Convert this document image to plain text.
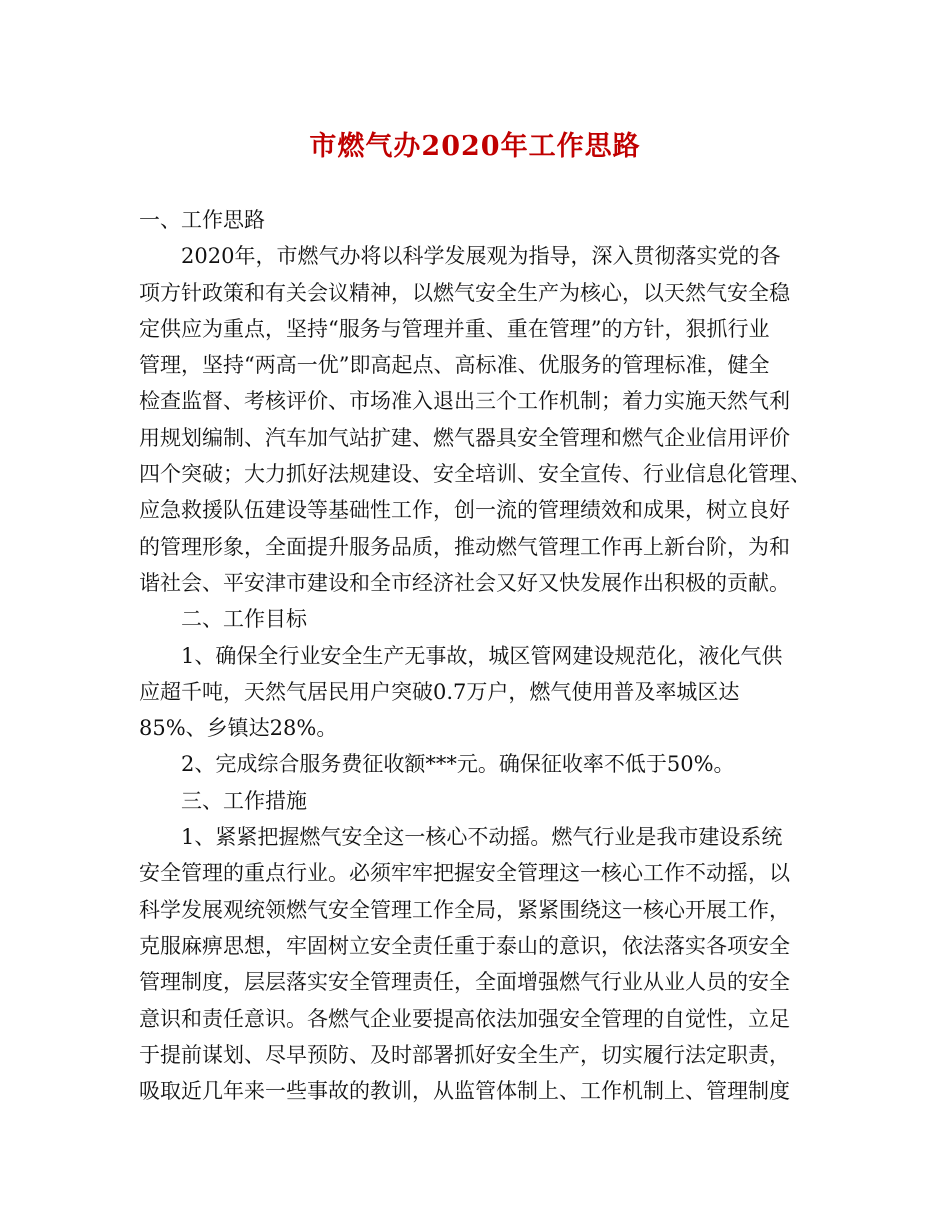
市燃气办2020年工作思路
一、工作思路
2020年，市燃气办将以科学发展观为指导，深入贯彻落实党的各
项方针政策和有关会议精神，以燃气安全生产为核心，以天然气安全稳
定供应为重点，坚持“服务与管理并重、重在管理”的方针，狠抓行业
管理，坚持“两高一优”即高起点、高标准、优服务的管理标准，健全
检查监督、考核评价、市场准入退出三个工作机制；着力实施天然气利
用规划编制、汽车加气站扩建、燃气器具安全管理和燃气企业信用评价
四个突破；大力抓好法规建设、安全培训、安全宣传、行业信息化管理、
应急救援队伍建设等基础性工作，创一流的管理绩效和成果，树立良好
的管理形象，全面提升服务品质，推动燃气管理工作再上新台阶，为和
谐社会、平安津市建设和全市经济社会又好又快发展作出积极的贡献。
二、工作目标
1、确保全行业安全生产无事故，城区管网建设规范化，液化气供
应超千吨，天然气居民用户突破0.7万户，燃气使用普及率城区达
85%、乡镇达28%。
2、完成综合服务费征收额***元。确保征收率不低于50%。
三、工作措施
1、紧紧把握燃气安全这一核心不动摇。燃气行业是我市建设系统
安全管理的重点行业。必须牢牢把握安全管理这一核心工作不动摇，以
科学发展观统领燃气安全管理工作全局，紧紧围绕这一核心开展工作，
克服麻痹思想，牢固树立安全责任重于泰山的意识，依法落实各项安全
管理制度，层层落实安全管理责任，全面增强燃气行业从业人员的安全
意识和责任意识。各燃气企业要提高依法加强安全管理的自觉性，立足
于提前谋划、尽早预防、及时部署抓好安全生产，切实履行法定职责，
吸取近几年来一些事故的教训，从监管体制上、工作机制上、管理制度
